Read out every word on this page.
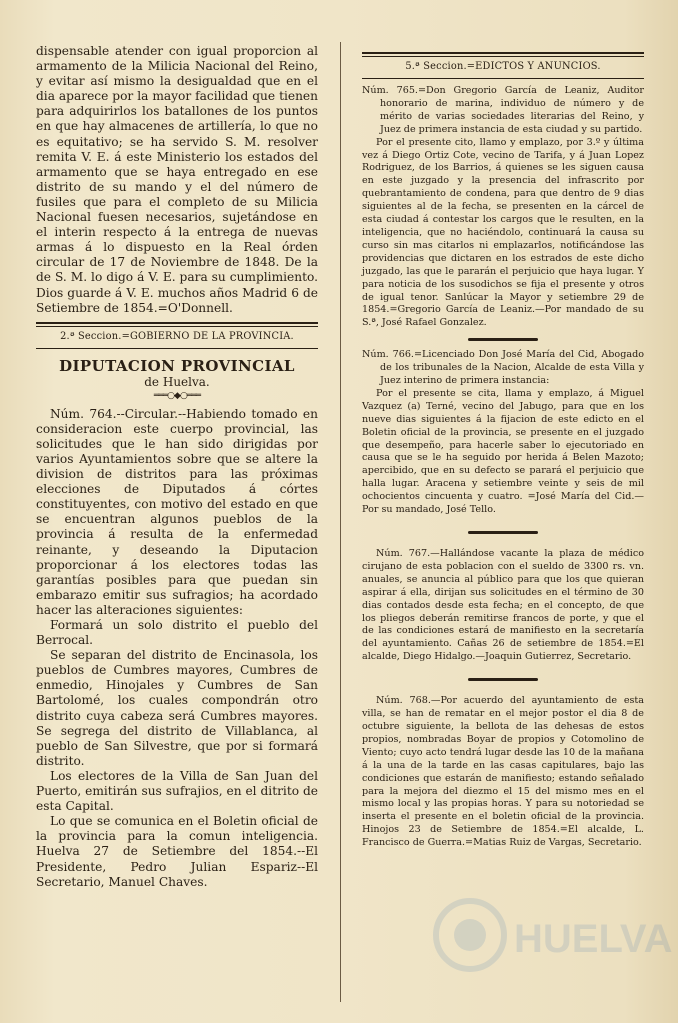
dispensable atender con igual proporcion al armamento de la Milicia Nacional del Reino, y evitar así mismo la desigualdad que en el dia aparece por la mayor facilidad que tienen para adquirirlos los batallones de los puntos en que hay almacenes de artillería, lo que no es equitativo; se ha servido S. M. resolver remita V. E. á este Ministerio los estados del armamento que se haya entregado en ese distrito de su mando y el del número de fusiles que para el completo de su Milicia Nacional fuesen necesarios, sujetándose en el interin respecto á la entrega de nuevas armas á lo dispuesto en la Real órden circular de 17 de Noviembre de 1848. De la de S. M. lo digo á V. E. para su cumplimiento. Dios guarde á V. E. muchos años Madrid 6 de Setiembre de 1854.=O'Donnell.

2.ª Seccion.=GOBIERNO DE LA PROVINCIA.
DIPUTACION PROVINCIAL
de Huelva.
═══○◆○═══

Núm. 764.--Circular.--Habiendo tomado en consideracion este cuerpo provincial, las solicitudes que le han sido dirigidas por varios Ayuntamientos sobre que se altere la division de distritos para las próximas elecciones de Diputados á córtes constituyentes, con motivo del estado en que se encuentran algunos pueblos de la provincia á resulta de la enfermedad reinante, y deseando la Diputacion proporcionar á los electores todas las garantías posibles para que puedan sin embarazo emitir sus sufragios; ha acordado hacer las alteraciones siguientes:

Formará un solo distrito el pueblo del Berrocal.

Se separan del distrito de Encinasola, los pueblos de Cumbres mayores, Cumbres de enmedio, Hinojales y Cumbres de San Bartolomé, los cuales compondrán otro distrito cuya cabeza será Cumbres mayores. Se segrega del distrito de Villablanca, al pueblo de San Silvestre, que por si formará distrito.

Los electores de la Villa de San Juan del Puerto, emitirán sus sufrajios, en el ditrito de esta Capital.

Lo que se comunica en el Boletin oficial de la provincia para la comun inteligencia. Huelva 27 de Setiembre del 1854.--El Presidente, Pedro Julian Espariz--El Secretario, Manuel Chaves.

5.ª Seccion.=EDICTOS Y ANUNCIOS.

Núm. 765.=Don Gregorio García de Leaniz, Auditor honorario de marina, individuo de número y de mérito de varias sociedades literarias del Reino, y Juez de primera instancia de esta ciudad y su partido.

Por el presente cito, llamo y emplazo, por 3.º y última vez á Diego Ortiz Cote, vecino de Tarifa, y á Juan Lopez Rodriguez, de los Barrios, á quienes se les siguen causa en este juzgado y la presencia del infrascrito por quebrantamiento de condena, para que dentro de 9 dias siguientes al de la fecha, se presenten en la cárcel de esta ciudad á contestar los cargos que le resulten, en la inteligencia, que no haciéndolo, continuará la causa su curso sin mas citarlos ni emplazarlos, notificándose las providencias que dictaren en los estrados de este dicho juzgado, las que le pararán el perjuicio que haya lugar. Y para noticia de los susodichos se fija el presente y otros de igual tenor. Sanlúcar la Mayor y setiembre 29 de 1854.=Gregorio García de Leaniz.—Por mandado de su S.ª, José Rafael Gonzalez.

Núm. 766.=Licenciado Don José María del Cid, Abogado de los tribunales de la Nacion, Alcalde de esta Villa y Juez interino de primera instancia:

Por el presente se cita, llama y emplazo, á Miguel Vazquez (a) Terné, vecino del Jabugo, para que en los nueve dias siguientes á la fijacion de este edicto en el Boletin oficial de la provincia, se presente en el juzgado que desempeño, para hacerle saber lo ejecutoriado en causa que se le ha seguido por herida á Belen Mazoto; apercibido, que en su defecto se parará el perjuicio que halla lugar. Aracena y setiembre veinte y seis de mil ochocientos cincuenta y cuatro. =José María del Cid.—Por su mandado, José Tello.

Núm. 767.—Hallándose vacante la plaza de médico cirujano de esta poblacion con el sueldo de 3300 rs. vn. anuales, se anuncia al público para que los que quieran aspirar á ella, dirijan sus solicitudes en el término de 30 dias contados desde esta fecha; en el concepto, de que los pliegos deberán remitirse francos de porte, y que el de las condiciones estará de manifiesto en la secretaría del ayuntamiento. Cañas 26 de setiembre de 1854.=El alcalde, Diego Hidalgo.—Joaquin Gutierrez, Secretario.

Núm. 768.—Por acuerdo del ayuntamiento de esta villa, se han de rematar en el mejor postor el dia 8 de octubre siguiente, la bellota de las dehesas de estos propios, nombradas Boyar de propios y Cotomolino de Viento; cuyo acto tendrá lugar desde las 10 de la mañana á la una de la tarde en las casas capitulares, bajo las condiciones que estarán de manifiesto; estando señalado para la mejora del diezmo el 15 del mismo mes en el mismo local y las propias horas. Y para su notoriedad se inserta el presente en el boletin oficial de la provincia. Hinojos 23 de Setiembre de 1854.=El alcalde, L. Francisco de Guerra.=Matias Ruiz de Vargas, Secretario.

HUELVA
